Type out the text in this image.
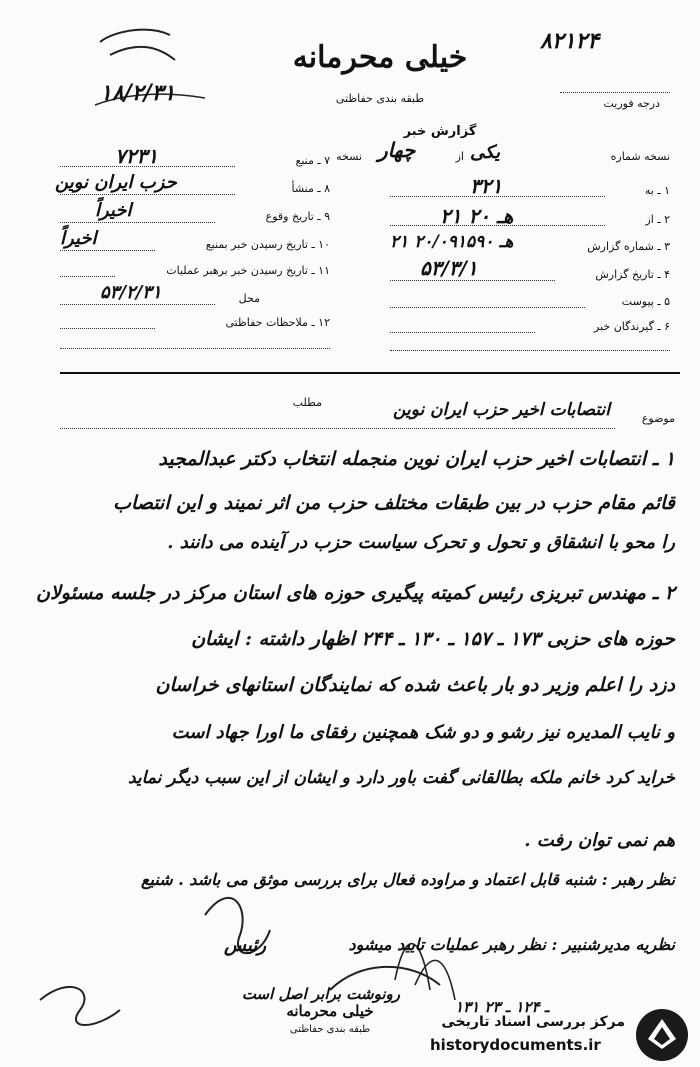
۱۸/۲/۳۱
۸۲۱۲۴
خیلی محرمانه
طبقه بندی حفاظتی	درجه فوریت
گزارش خبر
نسخه شماره
یکی
از
چهار
نسخه
۱ ـ به
۳۲۱
۲ ـ از
۲۱ هـ ۲۰
۳ ـ شماره گزارش
۲۱ هـ ۲۰/۰۹۱۵۹۰
۴ ـ تاریخ گزارش
۵۳/۳/۱
۵ ـ پیوست
۶ ـ گیرندگان خبر
۷ ـ منبع
۷۲۳۱
۸ ـ منشأ
حزب ایران نوین
۹ ـ تاریخ وقوع
اخیراً
۱۰ ـ تاریخ رسیدن خبر بمنبع
اخیراً
۱۱ ـ تاریخ رسیدن خبر برهبر عملیات
محل
۵۳/۲/۳۱
۱۲ ـ ملاحظات حفاظتی
موضوع
انتصابات اخیر حزب ایران نوین
مطلب
۱ ـ انتصابات اخیر حزب ایران نوین منجمله انتخاب دکتر عبدالمجید
قائم مقام حزب در بین طبقات مختلف حزب من اثر نمیند و این انتصاب
را محو با انشقاق و تحول و تحرک سیاست حزب در آینده می دانند .
۲ ـ مهندس تبریزی رئیس کمیته پیگیری حوزه های استان مرکز در جلسه مسئولان
حوزه های حزبی ۱۷۳ ـ ۱۵۷ ـ ۱۳۰ ـ ۲۴۴ اظهار داشته : ایشان
دزد را اعلم وزیر دو بار باعث شده که نمایندگان استانهای خراسان
و نایب المدیره نیز رشو و دو شک همچنین رفقای ما اورا جهاد است
خراید کرد خانم ملکه بطالقانی گفت باور دارد و ایشان از این سبب دیگر نماید
هم نمی توان رفت .
نظر رهبر : شنبه قابل اعتماد و مراوده فعال برای بررسی موثق می باشد . شنیع
نظریه مدیرشنبیر : نظر رهبر عملیات تایید میشود
رئیس
رونوشت برابر اصل است
خیلی محرمانه
طبقه بندی حفاظتی
۱۳۱ ـ ۱۲۴ ـ ۲۳
مرکز بررسی اسناد تاریخی
historydocuments.ir
